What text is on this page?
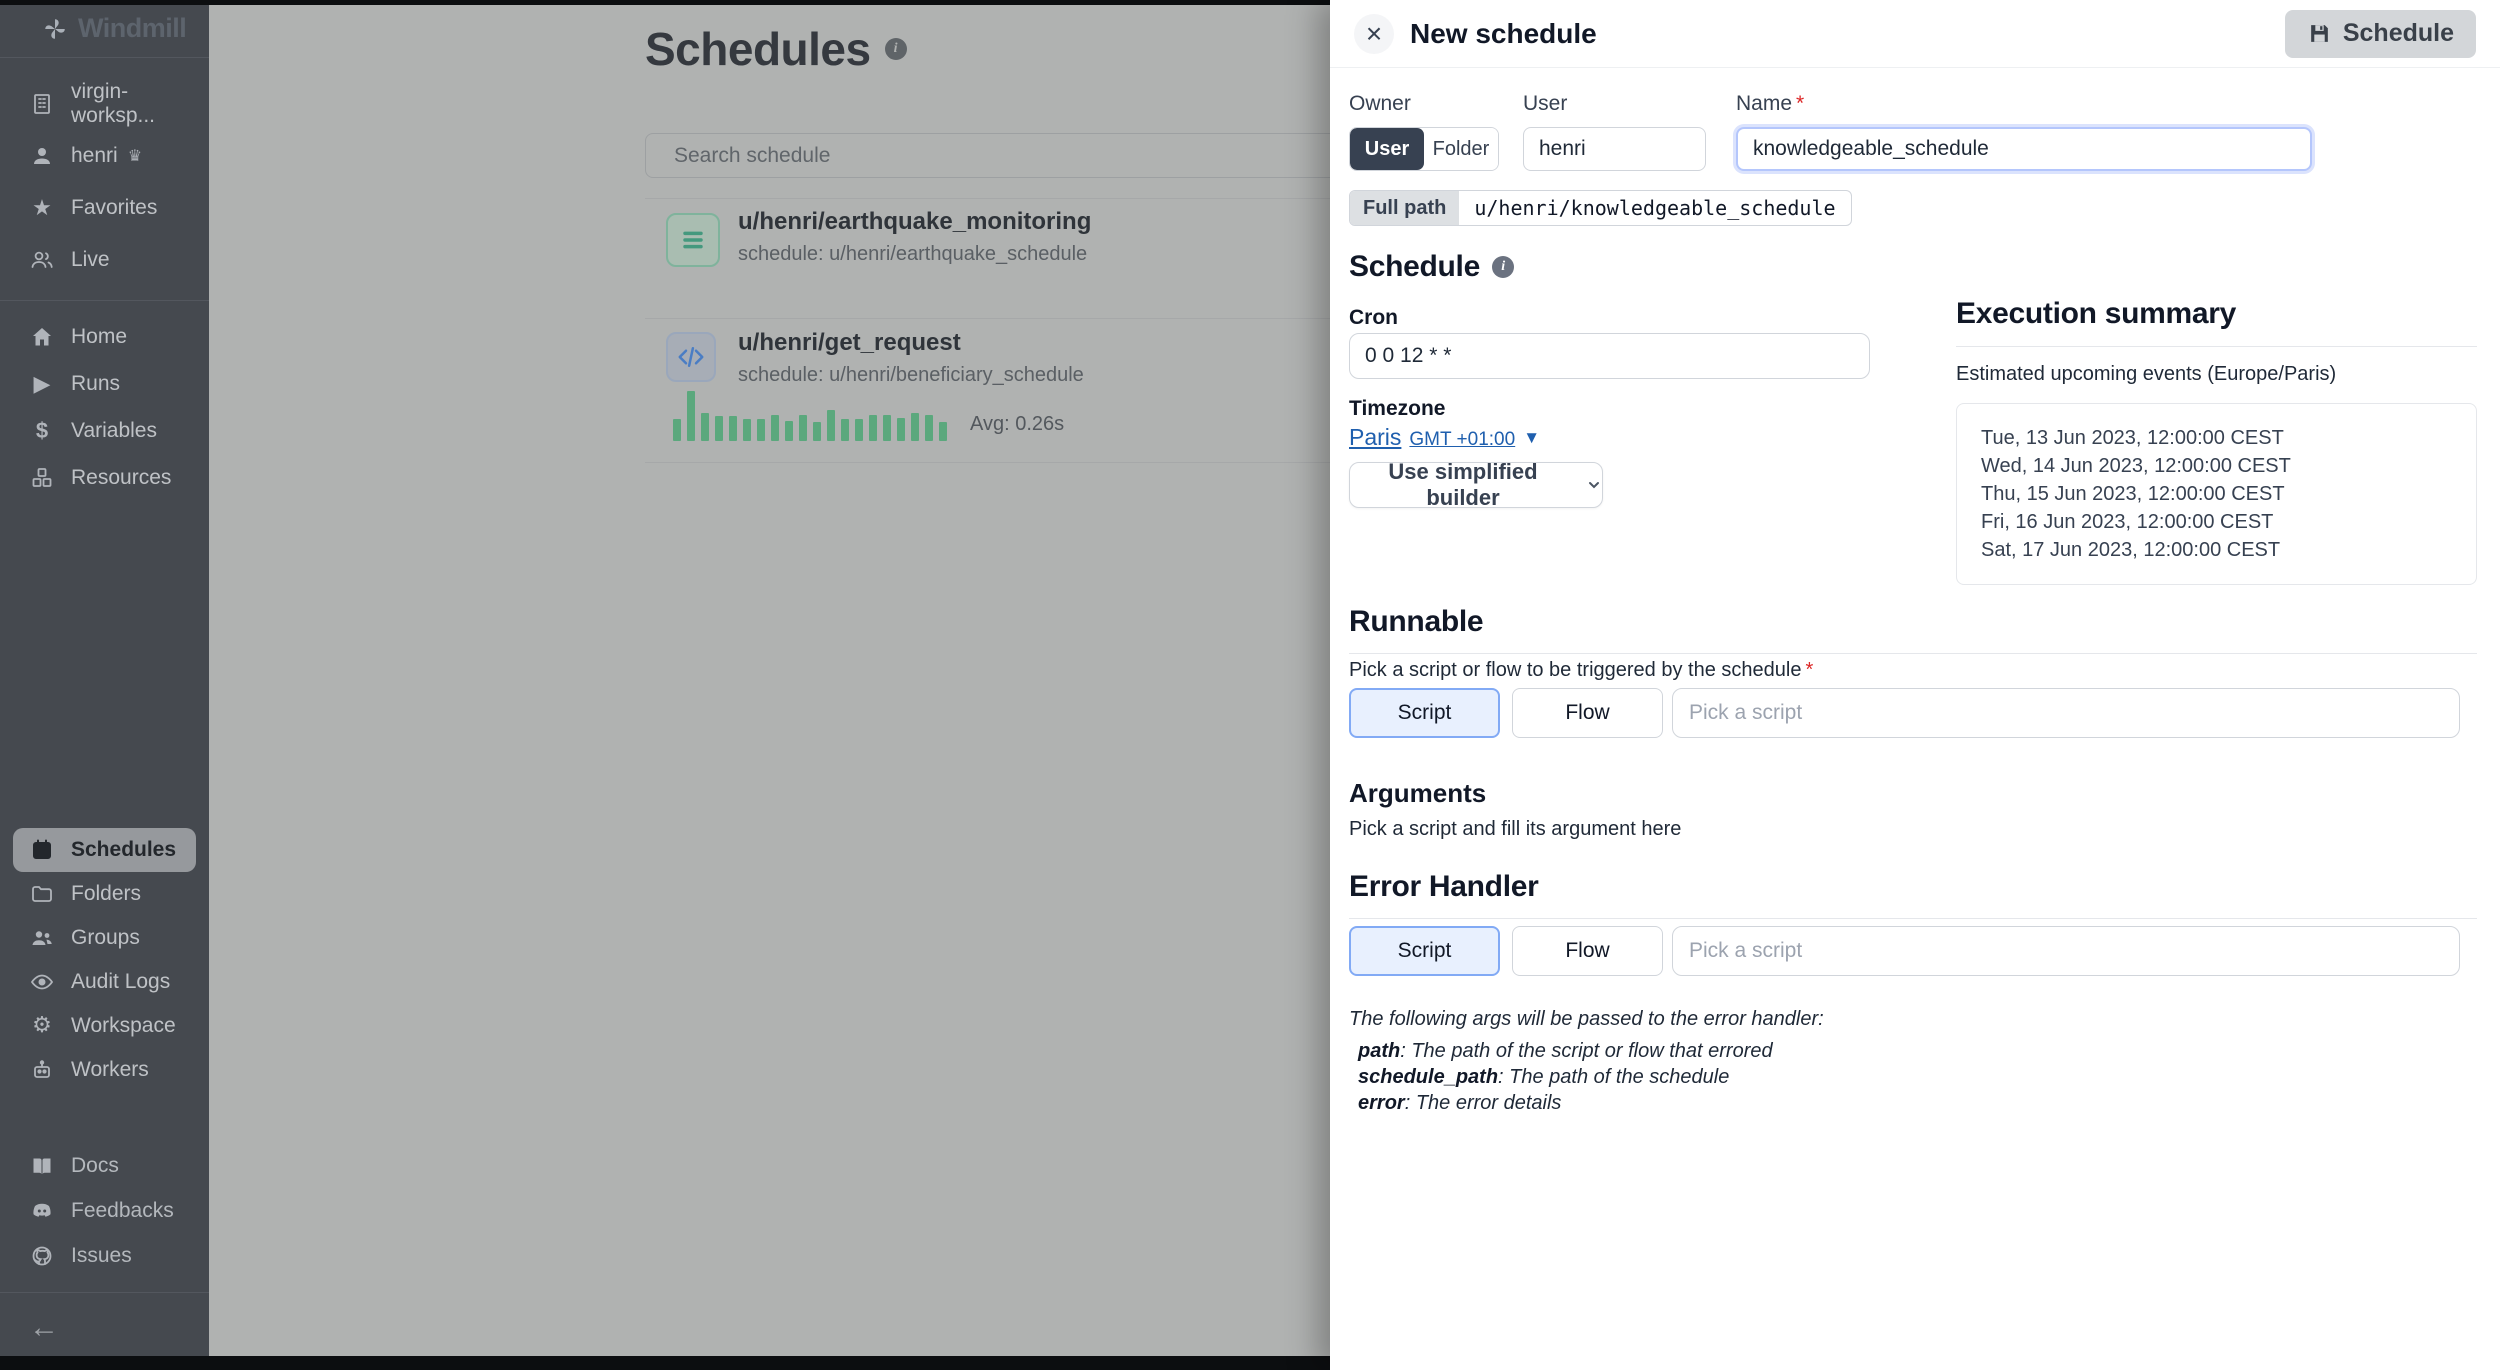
Windmill
virgin-worksp...
henri ♛
★ Favorites
Live
Home
▶ Runs
$	Variables
Resources
Schedules
Folders
Groups
Audit Logs
⚙ Workspace
Workers
Docs
Feedbacks
Issues
←
Schedules	i
Search schedule
u/henri/earthquake_monitoring
schedule: u/henri/earthquake_schedule
u/henri/get_request
schedule: u/henri/beneficiary_schedule
Avg: 0.26s
× New schedule	Schedule
Owner
User	Folder
User
henri	Name *
knowledgeable_schedule
Full path	u/henri/knowledgeable_schedule
Schedule	i
Cron
0 0 12 * *
Timezone
Paris GMT +01:00 ▼
Use simplified builder
Execution summary
Estimated upcoming events (Europe/Paris)
Tue, 13 Jun 2023, 12:00:00 CEST
Wed, 14 Jun 2023, 12:00:00 CEST
Thu, 15 Jun 2023, 12:00:00 CEST
Fri, 16 Jun 2023, 12:00:00 CEST
Sat, 17 Jun 2023, 12:00:00 CEST
Runnable
Pick a script or flow to be triggered by the schedule *
Script	Flow
Pick a script
Arguments
Pick a script and fill its argument here
Error Handler
Script	Flow
Pick a script
The following args will be passed to the error handler:
path: The path of the script or flow that errored
schedule_path: The path of the schedule
error: The error details
